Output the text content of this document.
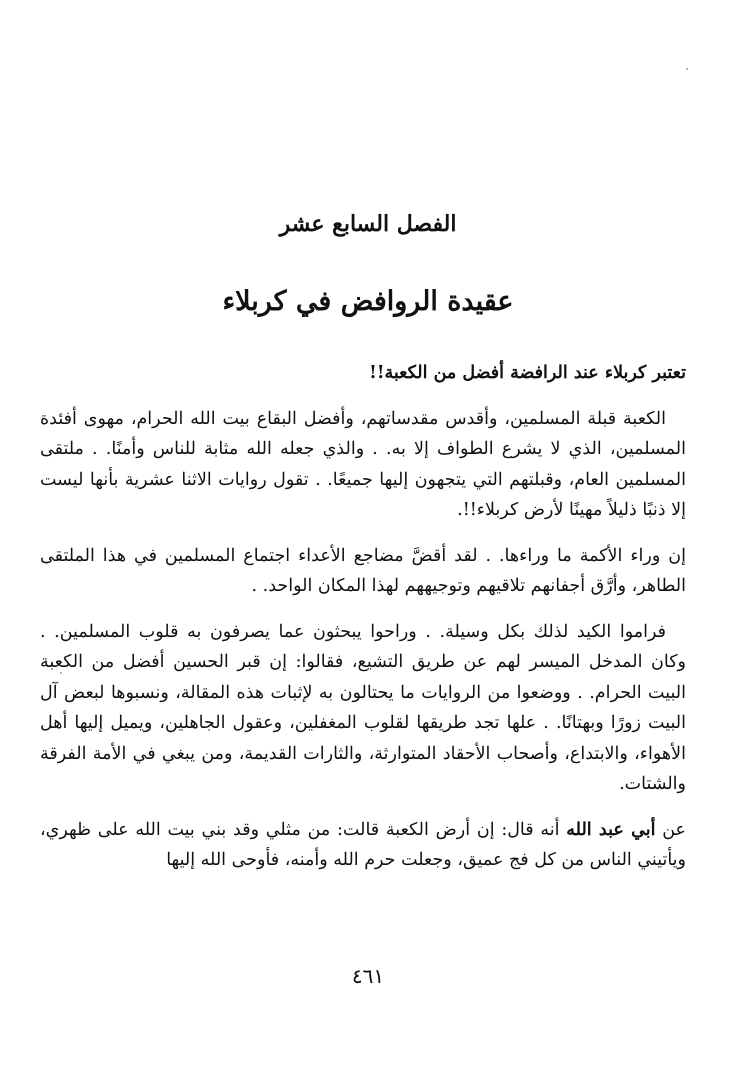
الفصل السابع عشر
عقيدة الروافض في كربلاء

تعتبر كربلاء عند الرافضة أفضل من الكعبة!!

الكعبة قبلة المسلمين، وأقدس مقدساتهم، وأفضل البقاع بيت الله الحرام، مهوى أفئدة المسلمين، الذي لا يشرع الطواف إلا به. . والذي جعله الله مثابة للناس وأمنًا. . ملتقى المسلمين العام، وقبلتهم التي يتجهون إليها جميعًا. . تقول روايات الاثنا عشرية بأنها ليست إلا ذنبًا ذليلاً مهينًا لأرض كربلاء!!.

إن وراء الأكمة ما وراءها. . لقد أقضَّ مضاجع الأعداء اجتماع المسلمين في هذا الملتقى الطاهر، وأرَّق أجفانهم تلاقيهم وتوجيههم لهذا المكان الواحد. .

فراموا الكيد لذلك بكل وسيلة. . وراحوا يبحثون عما يصرفون به قلوب المسلمين. . وكان المدخل الميسر لهم عن طريق التشيع، فقالوا: إن قبر الحسين أفضل من الكعبة البيت الحرام. . ووضعوا من الروايات ما يحتالون به لإثبات هذه المقالة، ونسبوها لبعض آل البيت زورًا وبهتانًا. . علها تجد طريقها لقلوب المغفلين، وعقول الجاهلين، ويميل إليها أهل الأهواء، والابتداع، وأصحاب الأحقاد المتوارثة، والثارات القديمة، ومن يبغي في الأمة الفرقة والشتات.

عن أبي عبد الله أنه قال: إن أرض الكعبة قالت: من مثلي وقد بني بيت الله على ظهري، ويأتيني الناس من كل فج عميق، وجعلت حرم الله وأمنه، فأوحى الله إليها

٤٦١
